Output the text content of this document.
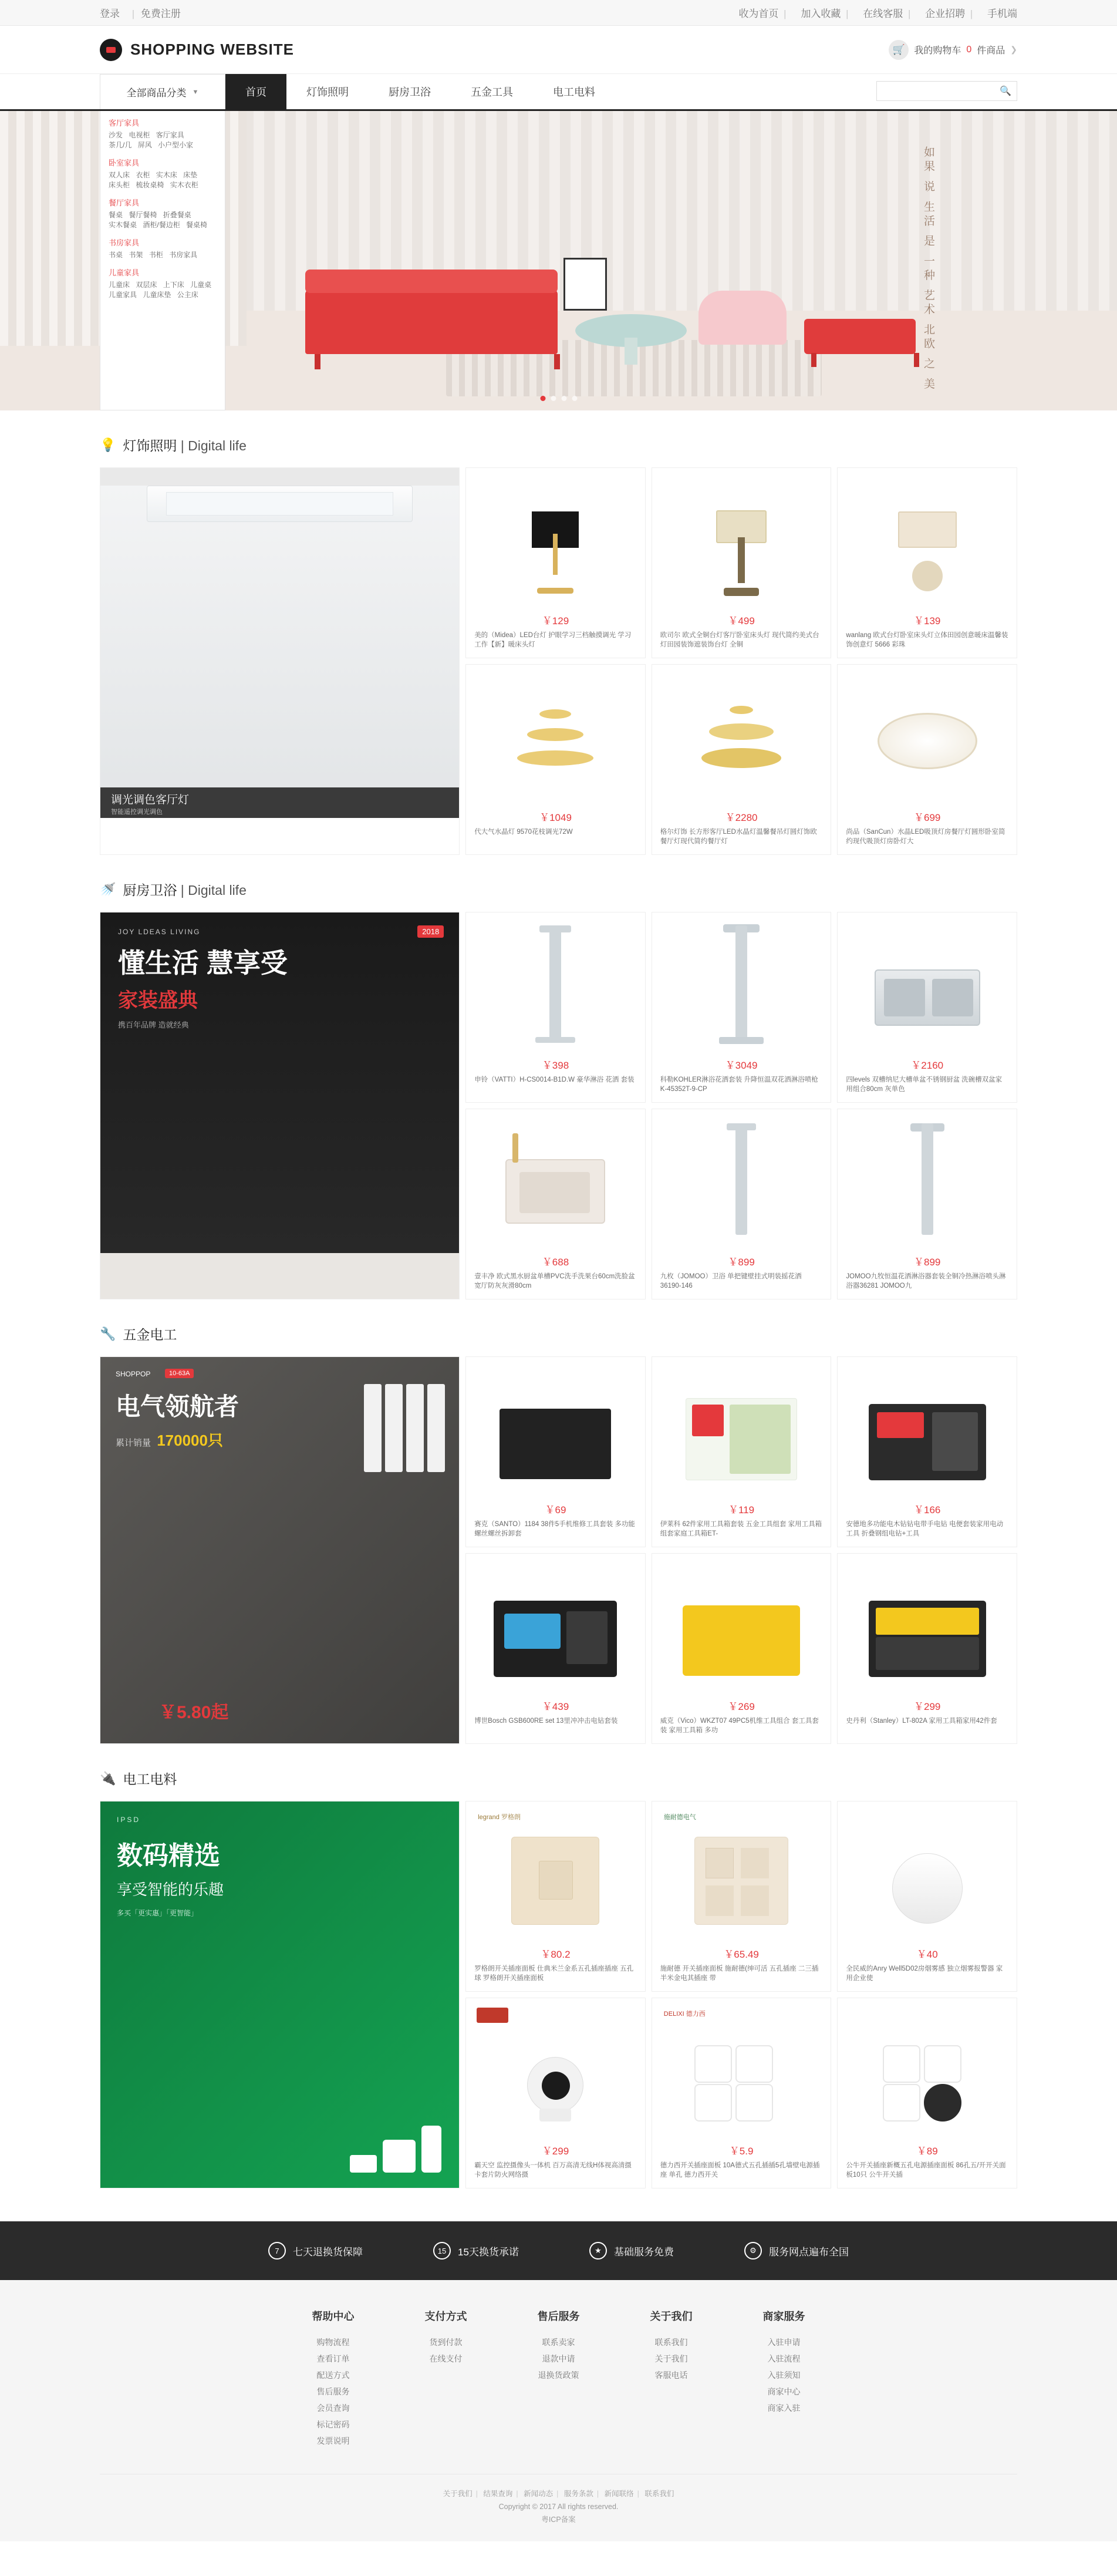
登录 | 免费注册	收为首页 | 加入收藏 | 在线客服 | 企业招聘 | 手机端
SHOPPING WEBSITE	🛒 我的购物车 0 件商品 ❯
全部商品分类 ▼	首页	灯饰照明	厨房卫浴	五金工具	电工电料	🔍
客厅家具
沙发 电视柜 客厅家具
茶几/几 屏风 小户型小家
卧室家具
双人床 衣柜 实木床 床垫
床头柜 梳妆桌椅 实木衣柜
餐厅家具
餐桌 餐厅餐椅 折叠餐桌
实木餐桌 酒柜/餐边柜 餐桌椅
书房家具
书桌 书架 书柜 书房家具
儿童家具
儿童床 双层床 上下床 儿童桌
儿童家具 儿童床垫 公主床	如果 说 生活 是 一种 艺术 北欧 之 美
💡 灯饰照明 | Digital life
调光调色客厅灯
智能遥控调光调色
￥129
美的（Midea）LED台灯 护眼学习三档触摸调光 学习工作【新】暖床头灯
￥499
欧司尔 欧式全铜台灯客厅卧室床头灯 现代简约美式台灯田园装饰遮装饰台灯 全铜
￥139
wanlang 欧式台灯卧室床头灯立体田园创意暖床温馨装饰创意灯 5666 彩珠
￥1049
代大气水晶灯 9570花枝调光72W
￥2280
格尔灯饰 长方形客厅LED水晶灯温馨餐吊灯圆灯饰欧餐厅灯现代简约餐厅灯
￥699
尚品（SanCun）水晶LED吸顶灯房餐厅灯圆形卧室简约现代吸顶灯房卧灯大
🚿 厨房卫浴 | Digital life
JOY LDEAS LIVING
懂生活 慧享受
家装盛典
携百年品牌 造就经典
2018
￥398
申铃（VATTI）H-CS0014-B1D.W 豪华淋浴 花洒 套装
￥3049
科勒KOHLER淋浴花洒套装 升降恒温双花洒淋浴喷枪 K-45352T-9-CP
￥2160
四levels 双槽纳尼大槽单盆不锈钢厨盆 洗碗槽双盆家用组合80cm 灰单色
￥688
壹丰净 欧式黑水厨盆单槽PVC洗手洗果台60cm洗脸盆宽厅防灰灰滑80cm
￥899
九枚（JOMOO）卫浴 单把键壁挂式明装摇花洒36190-146
￥899
JOMOO九牧恒温花洒淋浴器套装全铜冷热淋浴喷头淋浴器36281 JOMOO九
🔧 五金电工
SHOPPOP	10-63A
电气领航者
累计销量 170000只
￥5.80起
￥69
赛克（SANTO）1184 38件5手机维修工具套装 多功能螺丝螺丝拆卸套
￥119
伊莱科 62件家用工具箱套装 五金工具组套 家用工具箱组套家庭工具箱ET-
￥166
安德地多功能电木钻钻电带手电钻 电便套装家用电动工具 折叠钢组电钻+工具
￥439
博世Bosch GSB600RE set 13里冲冲击电钻套装
￥269
威克（Vico）WKZT07 49PC5机维工具组合 套工具套装 家用工具箱 多功
￥299
史丹利（Stanley）LT-802A 家用工具箱家用42件套
🔌 电工电料
IPSD
数码精选
享受智能的乐趣
多买「更实惠」「更智能」
legrand 罗格朗
￥80.2
罗格朗开关插座面板 仕典米兰金系五孔插座插座 五孔球 罗格朗开关插座面板
施耐德电气
￥65.49
施耐德 开关插座面板 施耐德(绅可活 五孔插座 二三插 半米金电其插座 带
￥40
全民威的Anry Well5D02房烟雾感 独立烟雾报警器 家用企业使
￥299
霸天空 监控摄像头一体机 百万高清无线H体视高清摄卡套片防火网络摄
DELIXI 德力西
￥5.9
德力西开关插座面板 10A德式五孔插插5孔墙壁电源插座 单孔 德力西开关
￥89
公牛开关插座新概五孔电源插座面板 86孔五/开开关面板10只 公牛开关插
7	七天退换货保障	15	15天换货承诺	★	基础服务免费	⚙	服务网点遍布全国
帮助中心
购物流程
查看订单
配送方式
售后服务
会员查询
标记密码
发票说明
支付方式
货到付款
在线支付
售后服务
联系卖家
退款中请
退换货政策
关于我们
联系我们
关于我们
客服电话
商家服务
入驻申请
入驻流程
入驻须知
商家中心
商家入驻
关于我们 | 结果查询 | 新闻动态 | 服务条款 | 新闻联络 | 联系我们
Copyright © 2017 All rights reserved.
粤ICP备案
